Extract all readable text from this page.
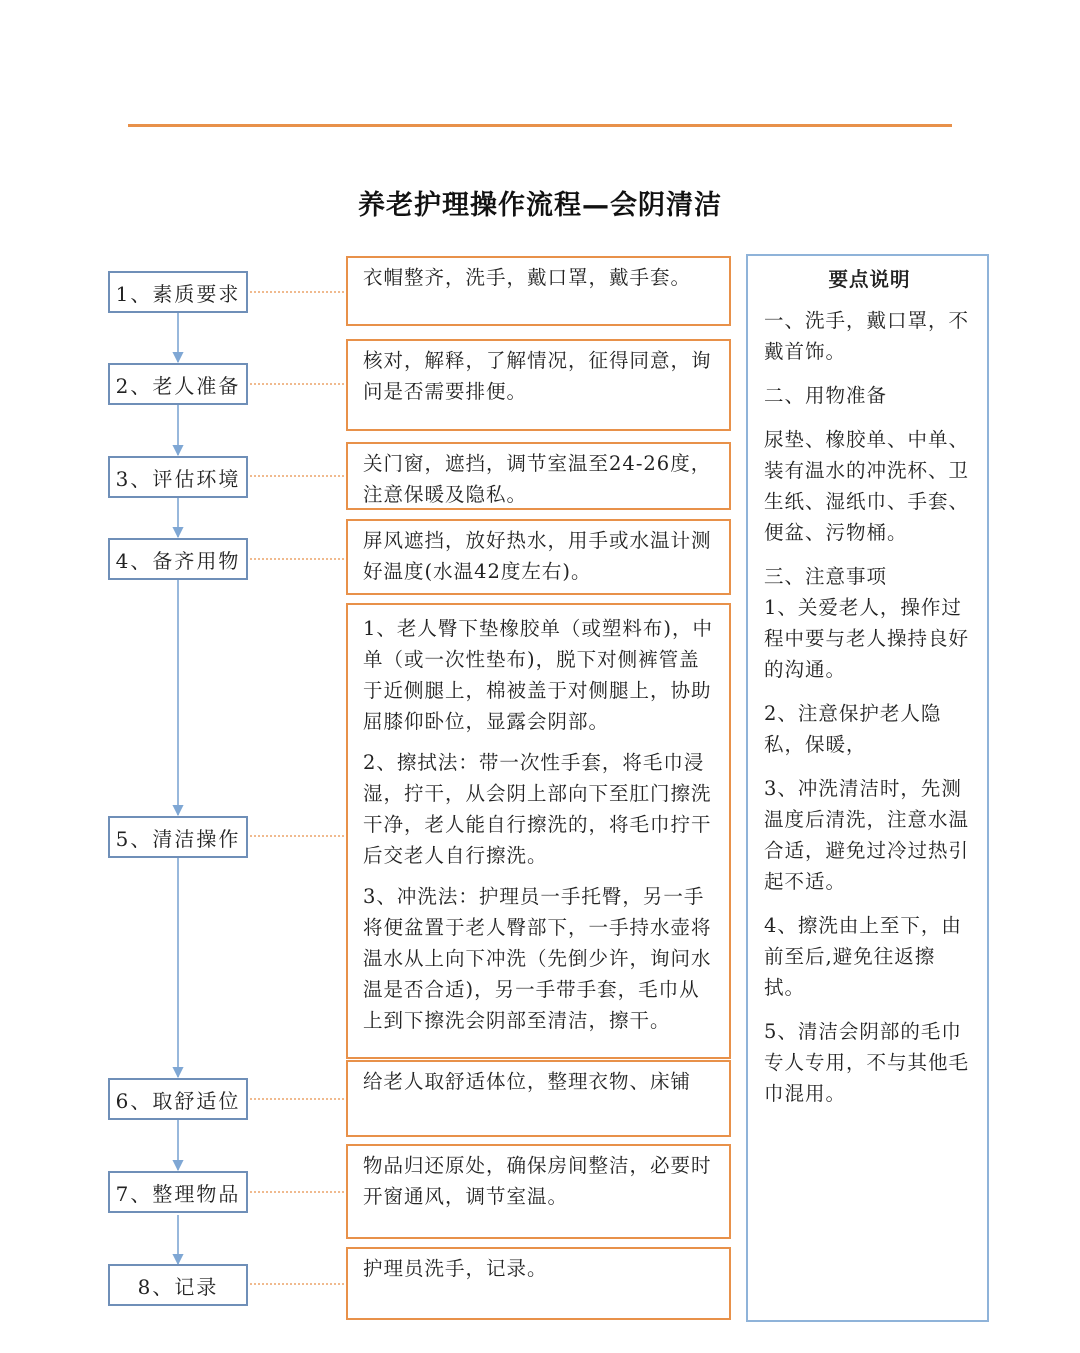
养老护理操作流程—会阴清洁
1、素质要求
2、老人准备
3、评估环境
4、备齐用物
5、清洁操作
6、取舒适位
7、整理物品
8、记录

衣帽整齐，洗手，戴口罩，戴手套。

核对，解释，了解情况，征得同意，询问是否需要排便。

关门窗，遮挡，调节室温至24-26度，注意保暖及隐私。

屏风遮挡，放好热水，用手或水温计测好温度(水温42度左右)。

1、老人臀下垫橡胶单（或塑料布)，中单（或一次性垫布)，脱下对侧裤管盖于近侧腿上，棉被盖于对侧腿上，协助屈膝仰卧位，显露会阴部。

2、擦拭法：带一次性手套，将毛巾浸湿，拧干，从会阴上部向下至肛门擦洗干净，老人能自行擦洗的，将毛巾拧干后交老人自行擦洗。

3、冲洗法：护理员一手托臀，另一手将便盆置于老人臀部下，一手持水壶将温水从上向下冲洗（先倒少许，询问水温是否合适)，另一手带手套，毛巾从上到下擦洗会阴部至清洁，擦干。

给老人取舒适体位，整理衣物、床铺

物品归还原处，确保房间整洁，必要时开窗通风，调节室温。

护理员洗手，记录。

要点说明

一、洗手，戴口罩，不戴首饰。

二、用物准备

尿垫、橡胶单、中单、装有温水的冲洗杯、卫生纸、湿纸巾、手套、便盆、污物桶。

三、注意事项

1、关爱老人，操作过程中要与老人操持良好的沟通。

2、注意保护老人隐私，保暖，

3、冲洗清洁时，先测温度后清洗，注意水温合适，避免过冷过热引起不适。

4、擦洗由上至下，由前至后,避免往返擦拭。

5、清洁会阴部的毛巾专人专用，不与其他毛巾混用。
